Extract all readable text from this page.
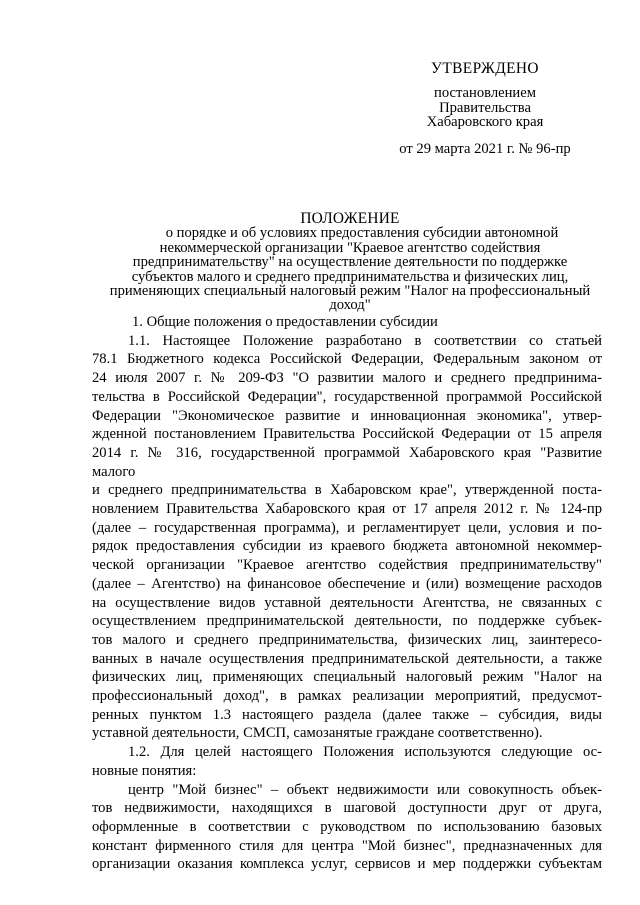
УТВЕРЖДЕНО
постановлением
Правительства
Хабаровского края
от 29 марта 2021 г. № 96-пр
ПОЛОЖЕНИЕ
о порядке и об условиях предоставления субсидии автономной
некоммерческой организации "Краевое агентство содействия
предпринимательству" на осуществление деятельности по поддержке
субъектов малого и среднего предпринимательства и физических лиц,
применяющих специальный налоговый режим "Налог на профессиональный
доход"
1. Общие положения о предоставлении субсидии
1.1. Настоящее Положение разработано в соответствии со статьей
78.1 Бюджетного кодекса Российской Федерации, Федеральным законом от
24 июля 2007 г. № 209-ФЗ "О развитии малого и среднего предпринима-
тельства в Российской Федерации", государственной программой Российской
Федерации "Экономическое развитие и инновационная экономика", утвер-
жденной постановлением Правительства Российской Федерации от 15 апреля
2014 г. № 316, государственной программой Хабаровского края "Развитие
малого
и среднего предпринимательства в Хабаровском крае", утвержденной поста-
новлением Правительства Хабаровского края от 17 апреля 2012 г. № 124-пр
(далее – государственная программа), и регламентирует цели, условия и по-
рядок предоставления субсидии из краевого бюджета автономной некоммер-
ческой организации "Краевое агентство содействия предпринимательству"
(далее – Агентство) на финансовое обеспечение и (или) возмещение расходов
на осуществление видов уставной деятельности Агентства, не связанных с
осуществлением предпринимательской деятельности, по поддержке субъек-
тов малого и среднего предпринимательства, физических лиц, заинтересо-
ванных в начале осуществления предпринимательской деятельности, а также
физических лиц, применяющих специальный налоговый режим "Налог на
профессиональный доход", в рамках реализации мероприятий, предусмот-
ренных пунктом 1.3 настоящего раздела (далее также – субсидия, виды
уставной деятельности, СМСП, самозанятые граждане соответственно).
1.2. Для целей настоящего Положения используются следующие ос-
новные понятия:
центр "Мой бизнес" – объект недвижимости или совокупность объек-
тов недвижимости, находящихся в шаговой доступности друг от друга,
оформленные в соответствии с руководством по использованию базовых
констант фирменного стиля для центра "Мой бизнес", предназначенных для
организации оказания комплекса услуг, сервисов и мер поддержки субъектам
